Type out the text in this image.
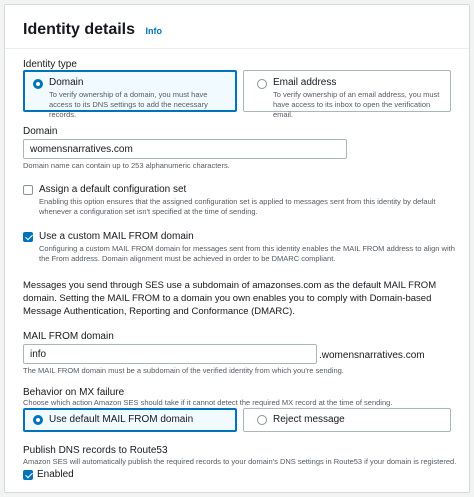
Identity details Info
Identity type
Domain
To verify ownership of a domain, you must have access to its DNS settings to add the necessary records.
Email address
To verify ownership of an email address, you must have access to its inbox to open the verification email.
Domain
womensnarratives.com
Domain name can contain up to 253 alphanumeric characters.
Assign a default configuration set
Enabling this option ensures that the assigned configuration set is applied to messages sent from this identity by default whenever a configuration set isn't specified at the time of sending.
Use a custom MAIL FROM domain
Configuring a custom MAIL FROM domain for messages sent from this identity enables the MAIL FROM address to align with the From address. Domain alignment must be achieved in order to be DMARC compliant.
Messages you send through SES use a subdomain of amazonses.com as the default MAIL FROM domain. Setting the MAIL FROM to a domain you own enables you to comply with Domain-based Message Authentication, Reporting and Conformance (DMARC).
MAIL FROM domain
info	.womensnarratives.com
The MAIL FROM domain must be a subdomain of the verified identity from which you're sending.
Behavior on MX failure
Choose which action Amazon SES should take if it cannot detect the required MX record at the time of sending.
Use default MAIL FROM domain	Reject message
Publish DNS records to Route53
Amazon SES will automatically publish the required records to your domain's DNS settings in Route53 if your domain is registered.
Enabled
